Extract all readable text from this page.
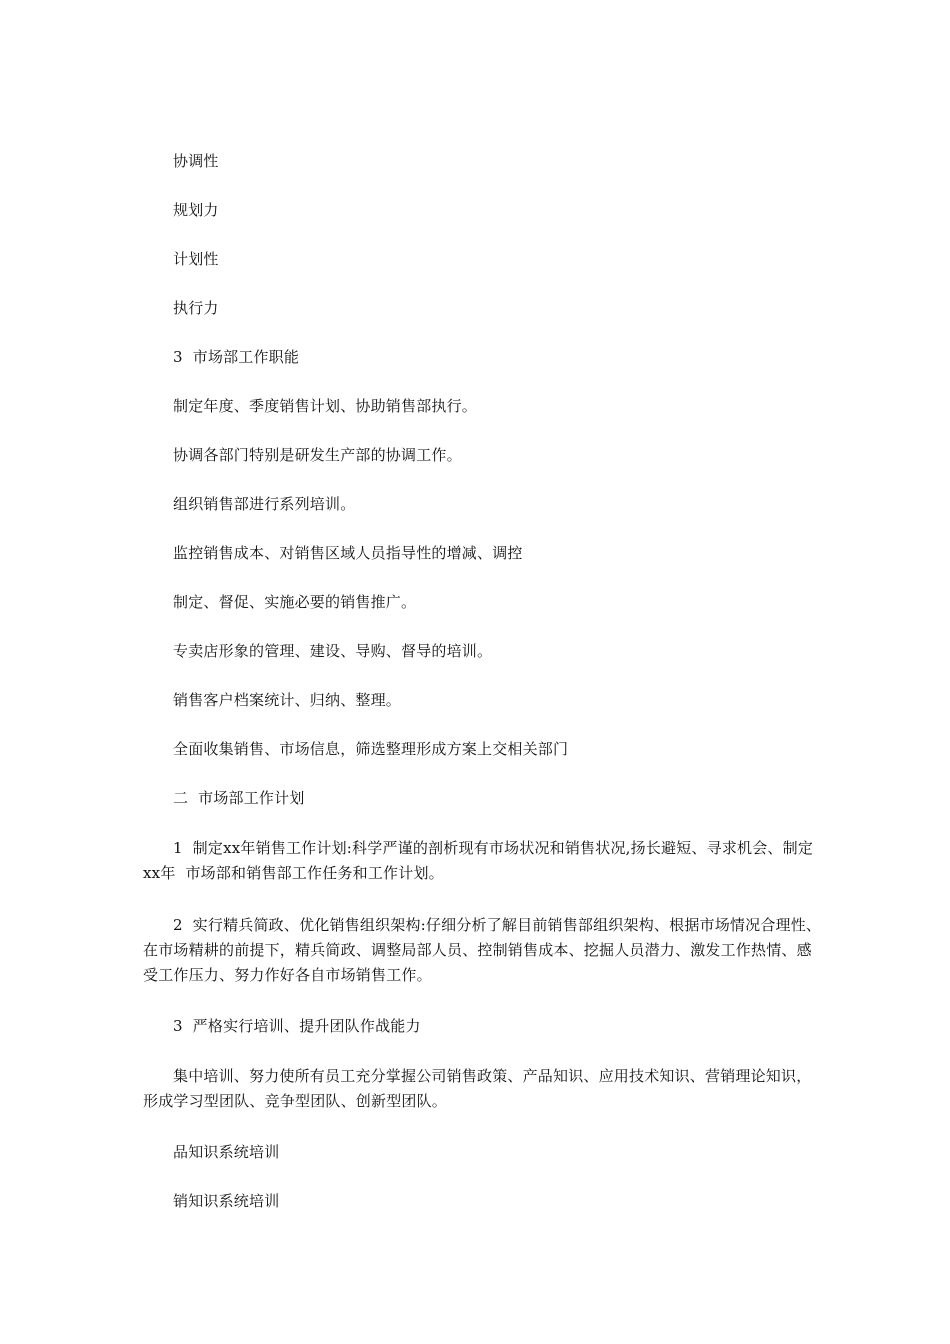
协调性

规划力

计划性

执行力

3  市场部工作职能

制定年度、季度销售计划、协助销售部执行。

协调各部门特别是研发生产部的协调工作。

组织销售部进行系列培训。

监控销售成本、对销售区域人员指导性的增减、调控

制定、督促、实施必要的销售推广。

专卖店形象的管理、建设、导购、督导的培训。

销售客户档案统计、归纳、整理。

全面收集销售、市场信息，筛选整理形成方案上交相关部门

二  市场部工作计划

1  制定xx年销售工作计划:科学严谨的剖析现有市场状况和销售状况,扬长避短、寻求机会、制定xx年  市场部和销售部工作任务和工作计划。

2  实行精兵简政、优化销售组织架构:仔细分析了解目前销售部组织架构、根据市场情况合理性、在市场精耕的前提下，精兵简政、调整局部人员、控制销售成本、挖掘人员潜力、激发工作热情、感受工作压力、努力作好各自市场销售工作。

3  严格实行培训、提升团队作战能力

集中培训、努力使所有员工充分掌握公司销售政策、产品知识、应用技术知识、营销理论知识，形成学习型团队、竞争型团队、创新型团队。

品知识系统培训

销知识系统培训
